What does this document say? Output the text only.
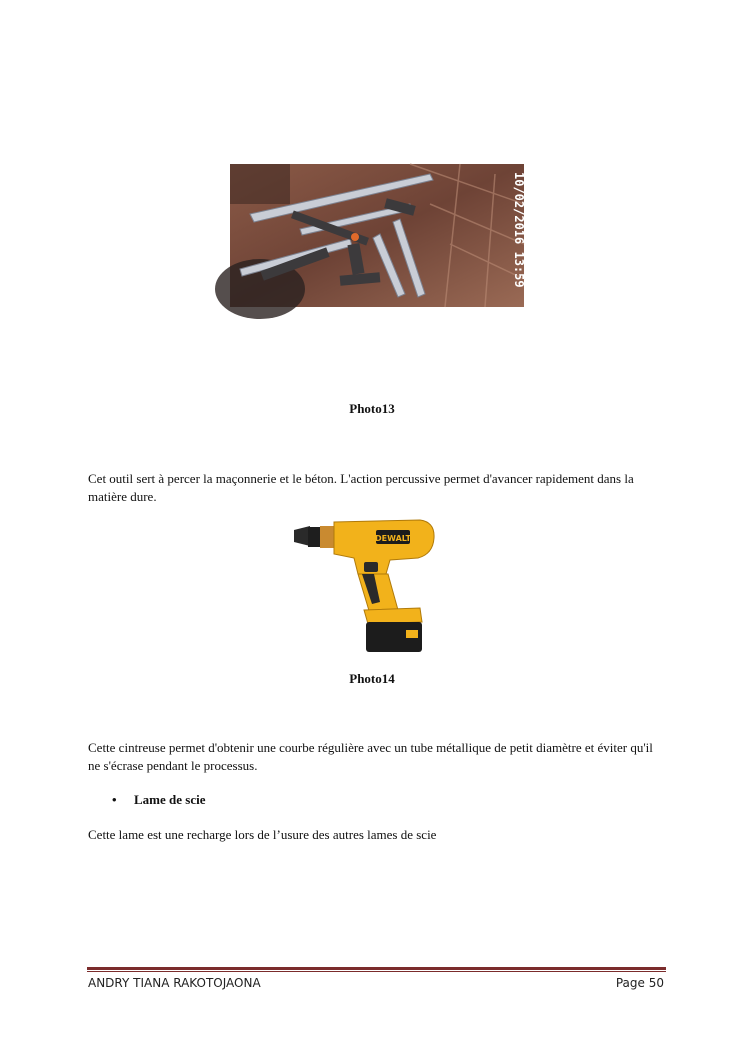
10/02/2016 13:59
Photo13

Cet outil sert à percer la maçonnerie et le béton. L'action percussive permet d'avancer rapidement dans la matière dure.

DEWALT
Photo14

Cette cintreuse permet d'obtenir une courbe régulière avec un tube métallique de petit diamètre et éviter qu'il ne s'écrase pendant le processus.

• Lame de scie

Cette lame est une recharge lors de l’usure des autres lames de scie

ANDRY TIANA RAKOTOJAONA	Page 50
